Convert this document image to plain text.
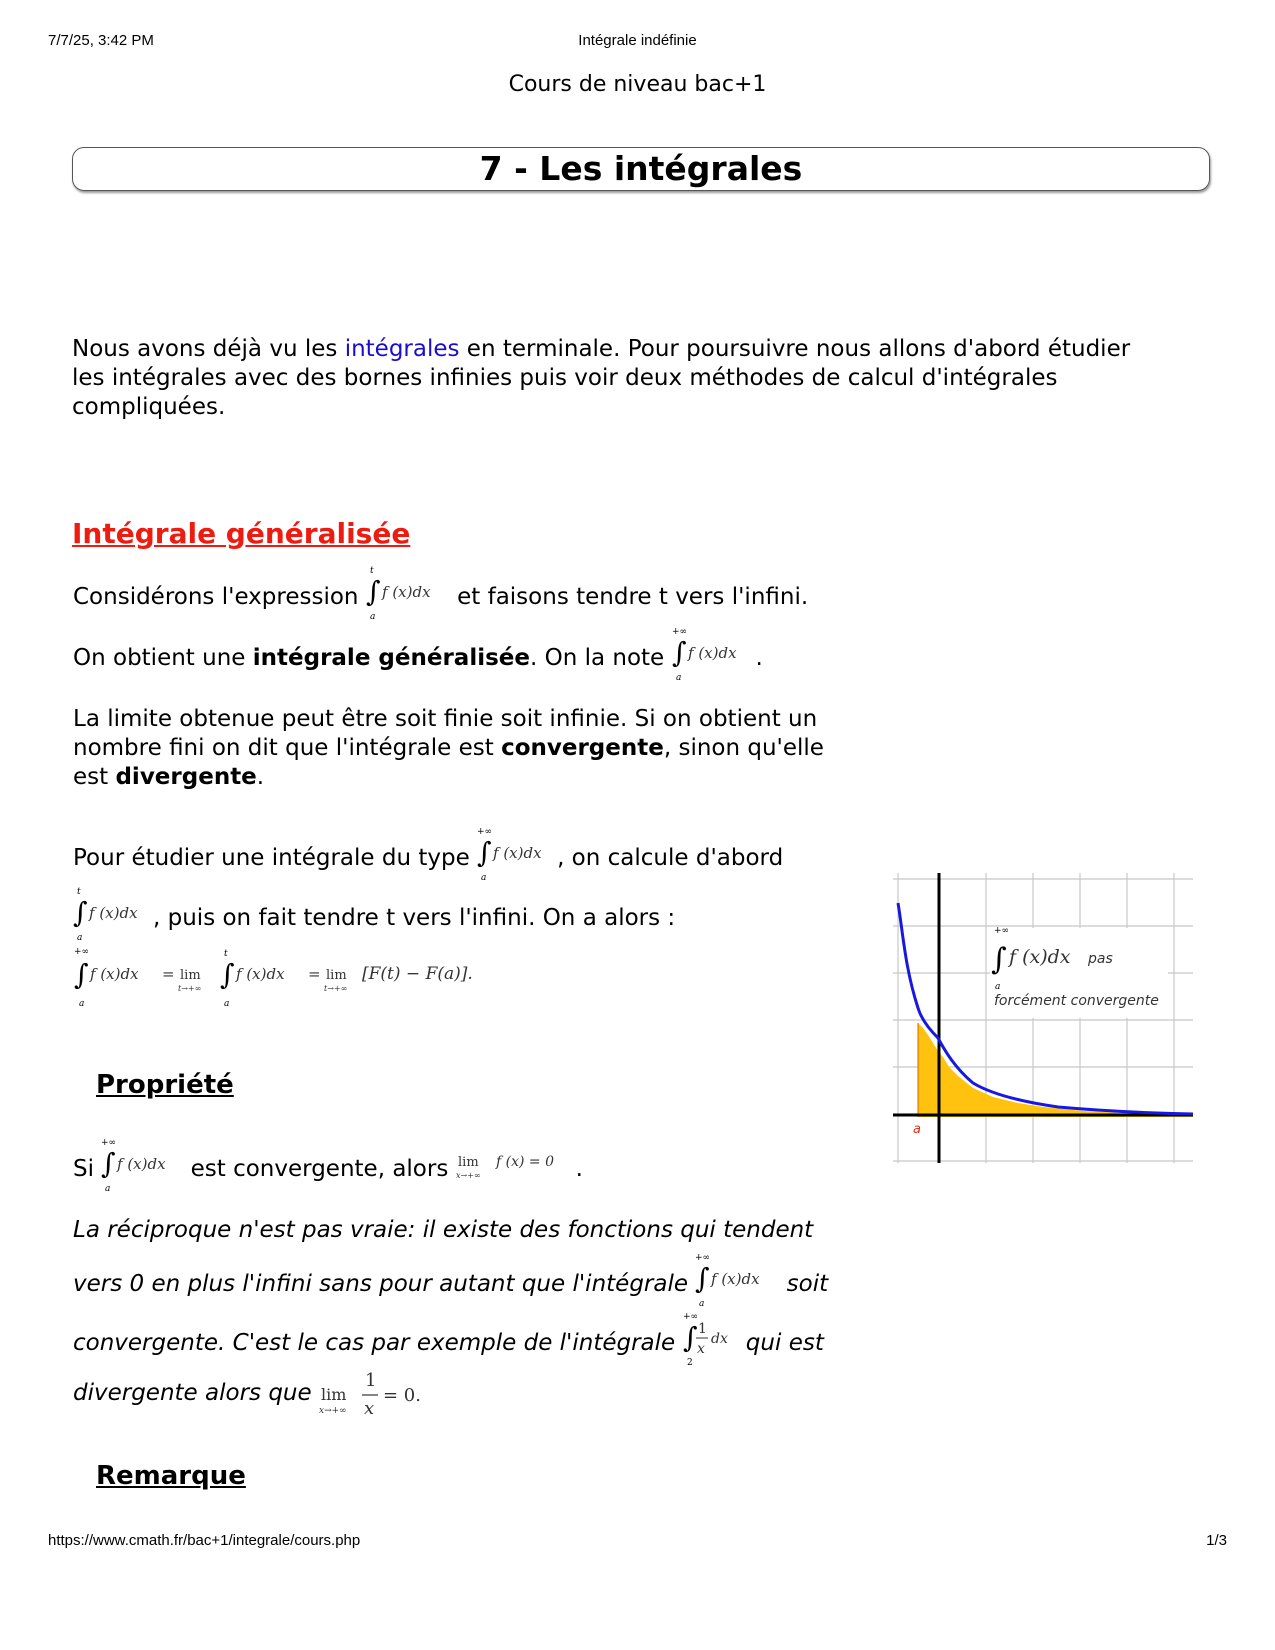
7/7/25, 3:42 PM	Intégrale indéfinie
Cours de niveau bac+1
7 - Les intégrales

Nous avons déjà vu les intégrales en terminale. Pour poursuivre nous allons d'abord étudier les intégrales avec des bornes infinies puis voir deux méthodes de calcul d'intégrales compliquées.

Intégrale généralisée
Considérons l'expression
t
∫
a
f (x)dx et faisons tendre t vers l'infini.
On obtient une intégrale généralisée. On la note
+∞
∫
a
f (x)dx .

La limite obtenue peut être soit finie soit infinie. Si on obtient un nombre fini on dit que l'intégrale est convergente, sinon qu'elle est divergente.

Pour étudier une intégrale du type
+∞
∫
a
f (x)dx , on calcule d'abord
t
∫
a
f (x)dx , puis on fait tendre t vers l'infini. On a alors :
+∞
∫
a
f (x)dx = lim
t→+∞
t
∫
a
f (x)dx = lim
t→+∞
[F(t) − F(a)].
+∞
∫
a
f (x)dx pas
forcément convergente
a
Propriété
Si
+∞
∫
a
f (x)dx est convergente, alors lim
x→+∞
f (x) = 0 .
La réciproque n'est pas vraie: il existe des fonctions qui tendent
vers 0 en plus l'infini sans pour autant que l'intégrale
+∞
∫
a
f (x)dx soit
convergente. C'est le cas par exemple de l'intégrale
+∞
∫
2
1
x
dx qui est
divergente alors que lim
x→+∞
1
x
= 0.
Remarque
https://www.cmath.fr/bac+1/integrale/cours.php	1/3
